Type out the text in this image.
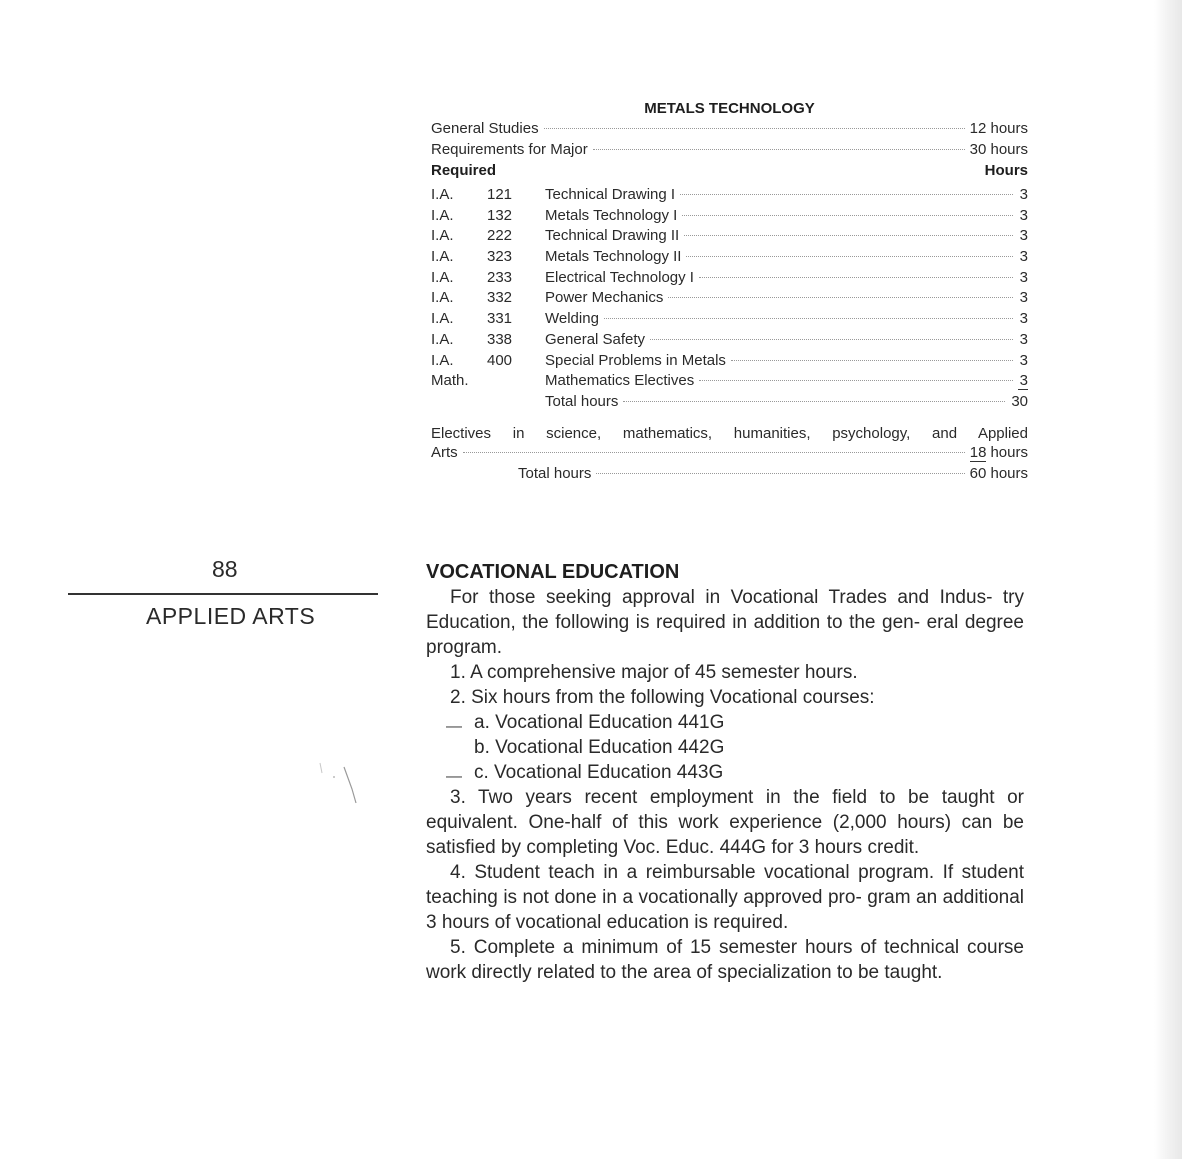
METALS TECHNOLOGY
General Studies	12 hours
Requirements for Major	30 hours
Required	Hours
I.A.	121	Technical Drawing I	3
I.A.	132	Metals Technology I	3
I.A.	222	Technical Drawing II	3
I.A.	323	Metals Technology II	3
I.A.	233	Electrical Technology I	3
I.A.	332	Power Mechanics	3
I.A.	331	Welding	3
I.A.	338	General Safety	3
I.A.	400	Special Problems in Metals	3
Math.	Mathematics Electives	3
Total hours	30
Electives in science, mathematics, humanities, psychology, and Applied
Arts	18 hours
Total hours	60 hours
88
APPLIED ARTS
VOCATIONAL EDUCATION

For those seeking approval in Vocational Trades and Indus- try Education, the following is required in addition to the gen- eral degree program.

1. A comprehensive major of 45 semester hours.

2. Six hours from the following Vocational courses:

— a. Vocational Education 441G

b. Vocational Education 442G

— c. Vocational Education 443G

3. Two years recent employment in the field to be taught or equivalent. One-half of this work experience (2,000 hours) can be satisfied by completing Voc. Educ. 444G for 3 hours credit.

4. Student teach in a reimbursable vocational program. If student teaching is not done in a vocationally approved pro- gram an additional 3 hours of vocational education is required.

5. Complete a minimum of 15 semester hours of technical course work directly related to the area of specialization to be taught.
